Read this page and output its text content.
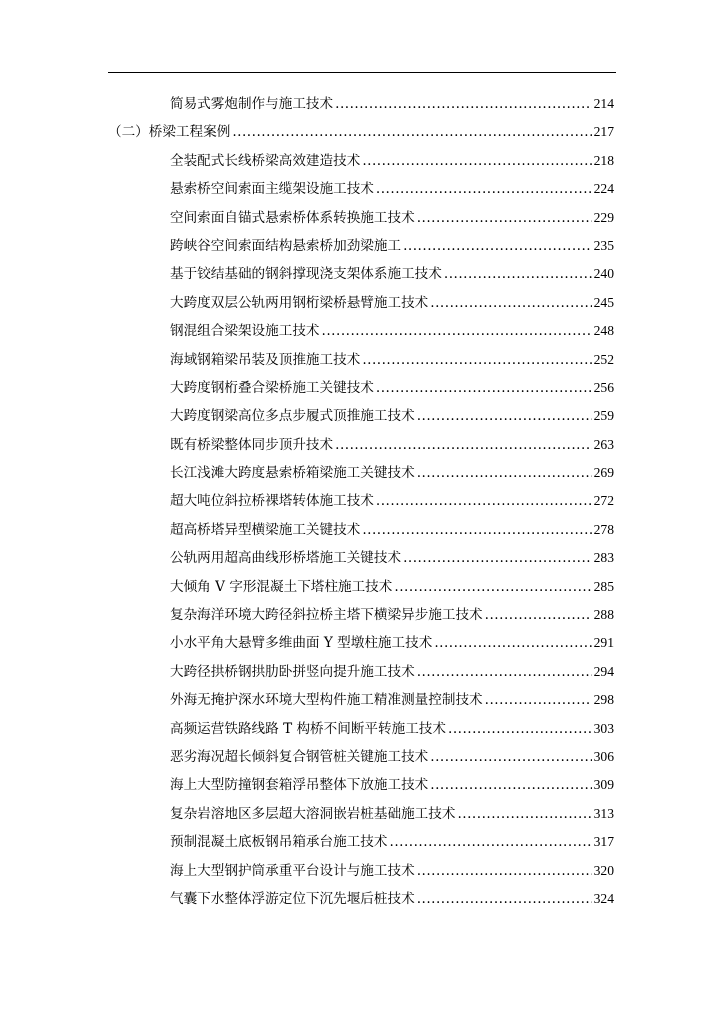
简易式雾炮制作与施工技术 .....	214
（二）桥梁工程案例 .....	217
全装配式长线桥梁高效建造技术 .....	218
悬索桥空间索面主缆架设施工技术 .....	224
空间索面自锚式悬索桥体系转换施工技术 .....	229
跨峡谷空间索面结构悬索桥加劲梁施工 .....	235
基于铰结基础的钢斜撑现浇支架体系施工技术 .....	240
大跨度双层公轨两用钢桁梁桥悬臂施工技术 .....	245
钢混组合梁架设施工技术 .....	248
海域钢箱梁吊装及顶推施工技术 .....	252
大跨度钢桁叠合梁桥施工关键技术 .....	256
大跨度钢梁高位多点步履式顶推施工技术 .....	259
既有桥梁整体同步顶升技术 .....	263
长江浅滩大跨度悬索桥箱梁施工关键技术 .....	269
超大吨位斜拉桥裸塔转体施工技术 .....	272
超高桥塔异型横梁施工关键技术 .....	278
公轨两用超高曲线形桥塔施工关键技术 .....	283
大倾角 V 字形混凝土下塔柱施工技术 .....	285
复杂海洋环境大跨径斜拉桥主塔下横梁异步施工技术 .....	288
小水平角大悬臂多维曲面 Y 型墩柱施工技术 .....	291
大跨径拱桥钢拱肋卧拼竖向提升施工技术 .....	294
外海无掩护深水环境大型构件施工精准测量控制技术 .....	298
高频运营铁路线路 T 构桥不间断平转施工技术 .....	303
恶劣海况超长倾斜复合钢管桩关键施工技术 .....	306
海上大型防撞钢套箱浮吊整体下放施工技术 .....	309
复杂岩溶地区多层超大溶洞嵌岩桩基础施工技术 .....	313
预制混凝土底板钢吊箱承台施工技术 .....	317
海上大型钢护筒承重平台设计与施工技术 .....	320
气囊下水整体浮游定位下沉先堰后桩技术 .....	324
